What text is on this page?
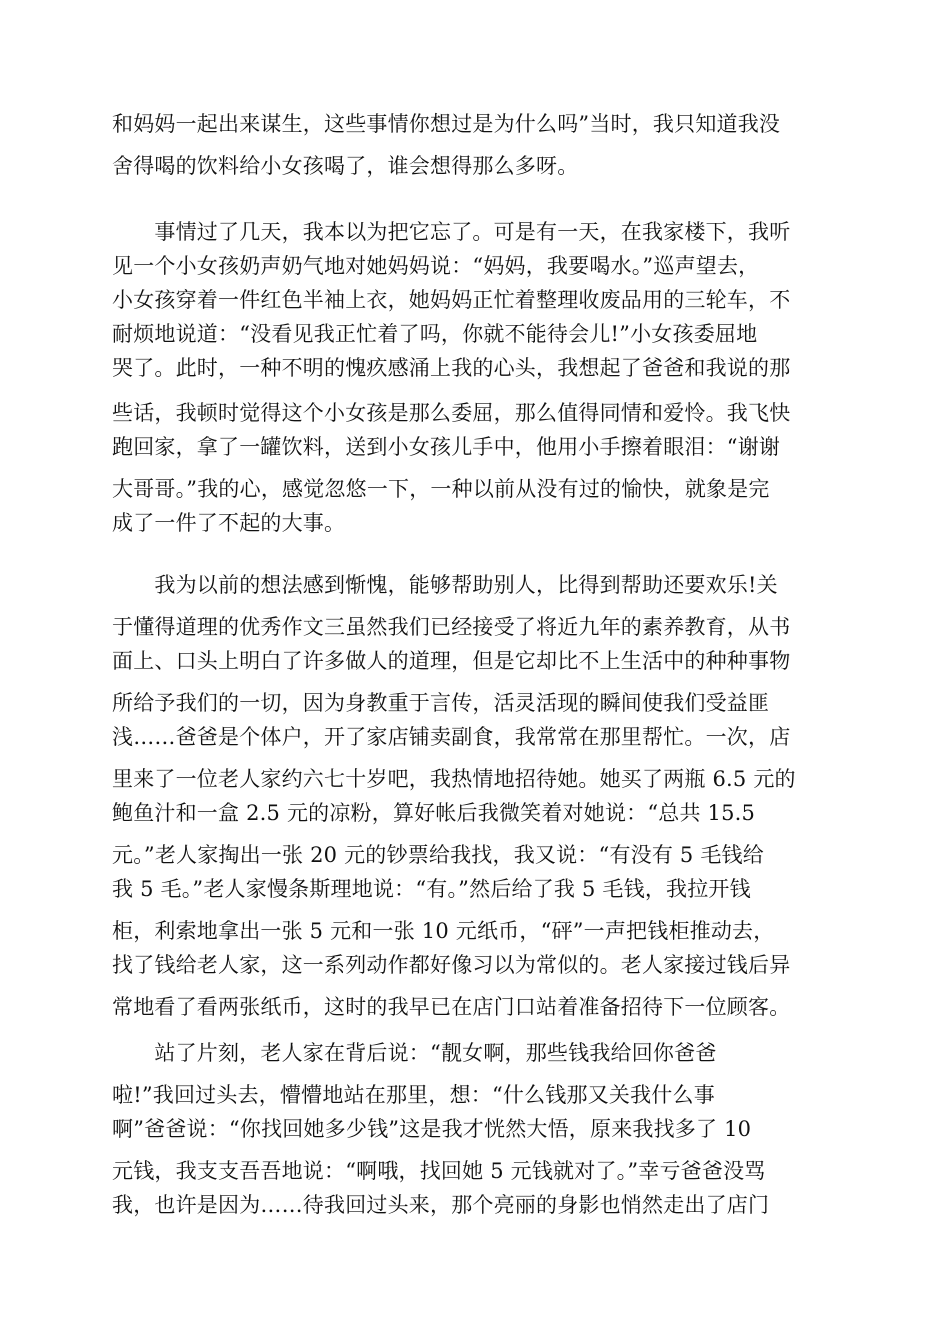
和妈妈一起出来谋生，这些事情你想过是为什么吗”当时，我只知道我没
舍得喝的饮料给小女孩喝了，谁会想得那么多呀。
　　事情过了几天，我本以为把它忘了。可是有一天，在我家楼下，我听
见一个小女孩奶声奶气地对她妈妈说：“妈妈，我要喝水。”巡声望去，
小女孩穿着一件红色半袖上衣，她妈妈正忙着整理收废品用的三轮车，不
耐烦地说道：“没看见我正忙着了吗，你就不能待会儿!”小女孩委屈地
哭了。此时，一种不明的愧疚感涌上我的心头，我想起了爸爸和我说的那
些话，我顿时觉得这个小女孩是那么委屈，那么值得同情和爱怜。我飞快
跑回家，拿了一罐饮料，送到小女孩儿手中，他用小手擦着眼泪：“谢谢
大哥哥。”我的心，感觉忽悠一下，一种以前从没有过的愉快，就象是完
成了一件了不起的大事。
　　我为以前的想法感到惭愧，能够帮助别人，比得到帮助还要欢乐!关
于懂得道理的优秀作文三虽然我们已经接受了将近九年的素养教育，从书
面上、口头上明白了许多做人的道理，但是它却比不上生活中的种种事物
所给予我们的一切，因为身教重于言传，活灵活现的瞬间使我们受益匪
浅……爸爸是个体户，开了家店铺卖副食，我常常在那里帮忙。一次，店
里来了一位老人家约六七十岁吧，我热情地招待她。她买了两瓶 6.5 元的
鲍鱼汁和一盒 2.5 元的凉粉，算好帐后我微笑着对她说：“总共 15.5
元。”老人家掏出一张 20 元的钞票给我找，我又说：“有没有 5 毛钱给
我 5 毛。”老人家慢条斯理地说：“有。”然后给了我 5 毛钱，我拉开钱
柜，利索地拿出一张 5 元和一张 10 元纸币，“砰”一声把钱柜推动去，
找了钱给老人家，这一系列动作都好像习以为常似的。老人家接过钱后异
常地看了看两张纸币，这时的我早已在店门口站着准备招待下一位顾客。
　　站了片刻，老人家在背后说：“靓女啊，那些钱我给回你爸爸
啦!”我回过头去，懵懵地站在那里，想：“什么钱那又关我什么事
啊”爸爸说：“你找回她多少钱”这是我才恍然大悟，原来我找多了 10
元钱，我支支吾吾地说：“啊哦，找回她 5 元钱就对了。”幸亏爸爸没骂
我，也许是因为……待我回过头来，那个亮丽的身影也悄然走出了店门
